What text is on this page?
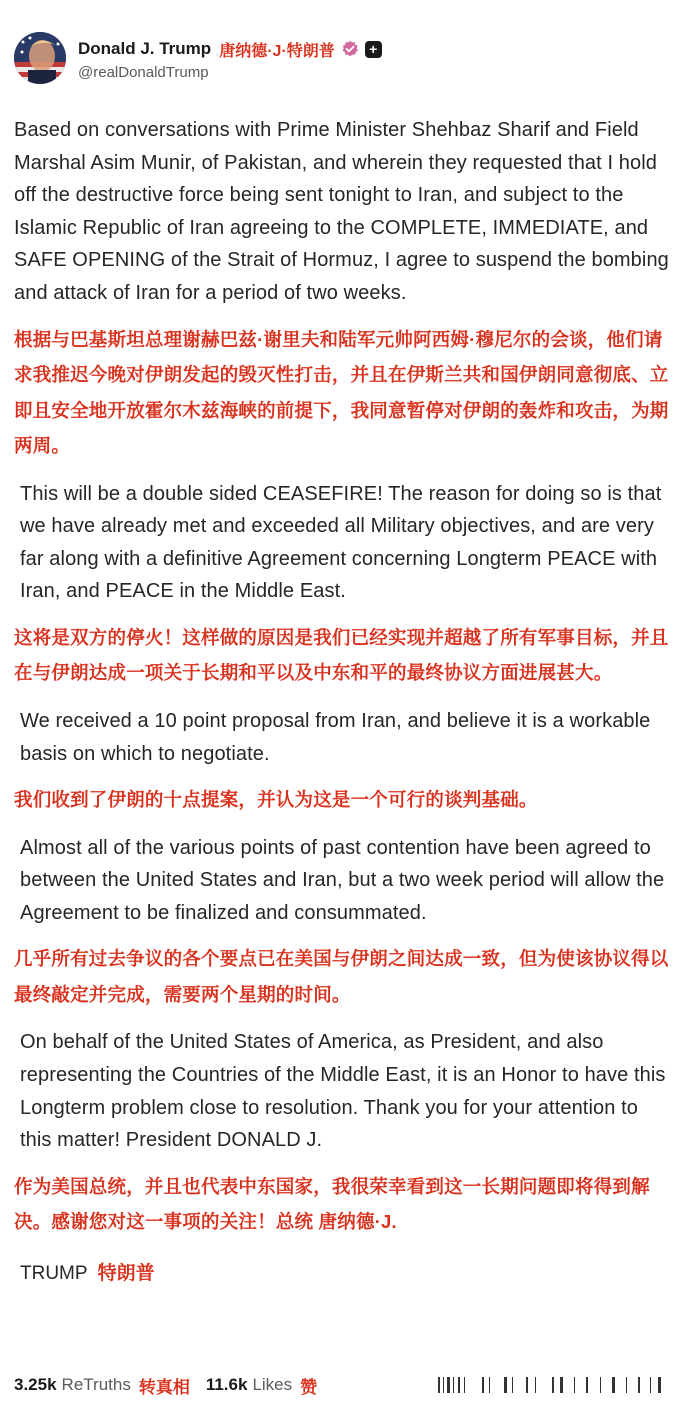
Donald J. Trump 唐纳德·J·特朗普	+
@realDonaldTrump

Based on conversations with Prime Minister Shehbaz Sharif and Field Marshal Asim Munir, of Pakistan, and wherein they requested that I hold off the destructive force being sent tonight to Iran, and subject to the Islamic Republic of Iran agreeing to the COMPLETE, IMMEDIATE, and SAFE OPENING of the Strait of Hormuz, I agree to suspend the bombing and attack of Iran for a period of two weeks.

根据与巴基斯坦总理谢赫巴兹·谢里夫和陆军元帅阿西姆·穆尼尔的会谈，他们请求我推迟今晚对伊朗发起的毁灭性打击，并且在伊斯兰共和国伊朗同意彻底、立即且安全地开放霍尔木兹海峡的前提下，我同意暂停对伊朗的轰炸和攻击，为期两周。

This will be a double sided CEASEFIRE! The reason for doing so is that we have already met and exceeded all Military objectives, and are very far along with a definitive Agreement concerning Longterm PEACE with Iran, and PEACE in the Middle East.

这将是双方的停火！这样做的原因是我们已经实现并超越了所有军事目标，并且在与伊朗达成一项关于长期和平以及中东和平的最终协议方面进展甚大。

We received a 10 point proposal from Iran, and believe it is a workable basis on which to negotiate.

我们收到了伊朗的十点提案，并认为这是一个可行的谈判基础。

Almost all of the various points of past contention have been agreed to between the United States and Iran, but a two week period will allow the Agreement to be finalized and consummated.

几乎所有过去争议的各个要点已在美国与伊朗之间达成一致，但为使该协议得以最终敲定并完成，需要两个星期的时间。

On behalf of the United States of America, as President, and also representing the Countries of the Middle East, it is an Honor to have this Longterm problem close to resolution. Thank you for your attention to this matter! President DONALD J.

作为美国总统，并且也代表中东国家，我很荣幸看到这一长期问题即将得到解决。感谢您对这一事项的关注！总统 唐纳德·J.

TRUMP 特朗普

3.25k ReTruths 转真相 11.6k Likes 赞
